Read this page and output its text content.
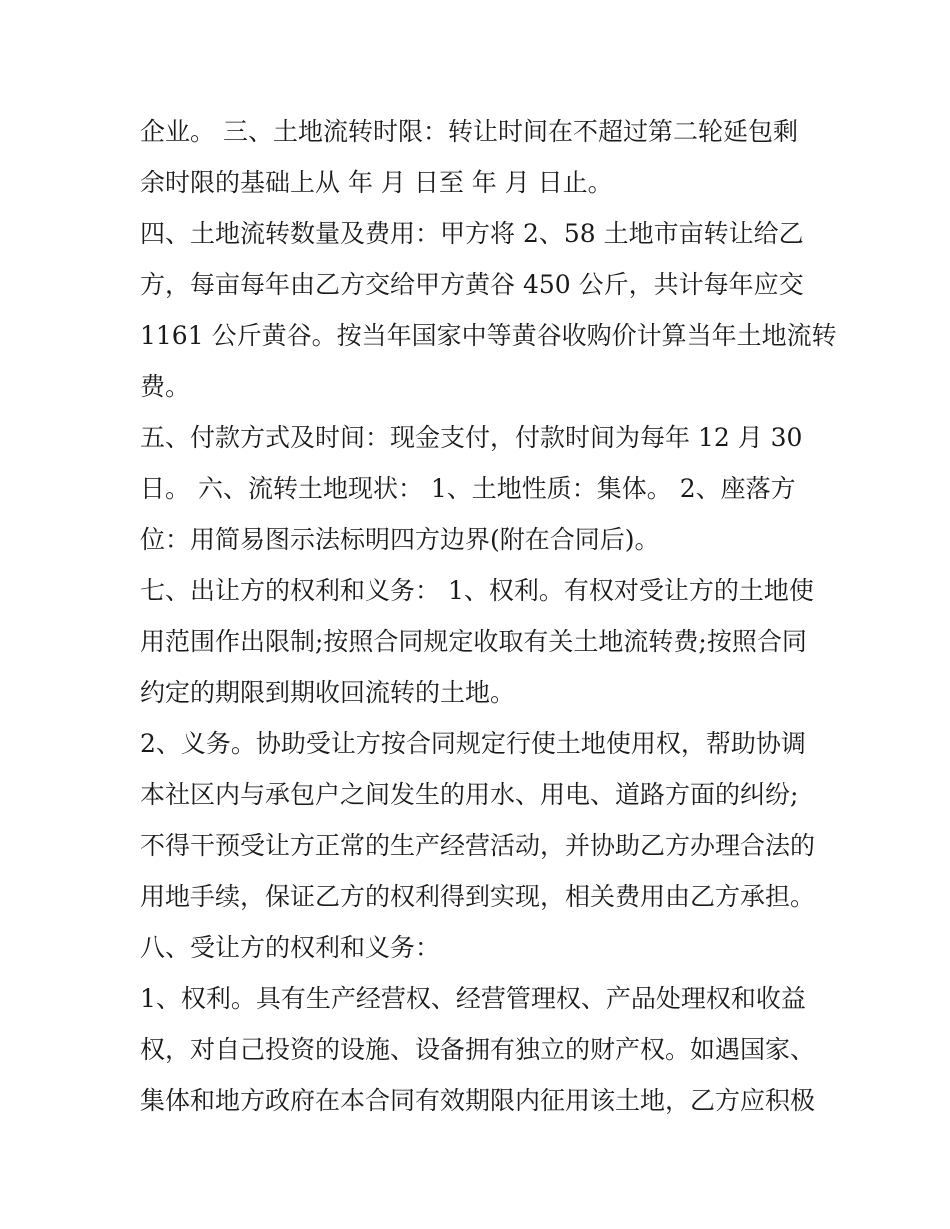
企业。 三、土地流转时限：转让时间在不超过第二轮延包剩
余时限的基础上从 年 月 日至 年 月 日止。
四、土地流转数量及费用：甲方将 2、58 土地市亩转让给乙
方，每亩每年由乙方交给甲方黄谷 450 公斤，共计每年应交
1161 公斤黄谷。按当年国家中等黄谷收购价计算当年土地流转
费。
五、付款方式及时间：现金支付，付款时间为每年 12 月 30
日。 六、流转土地现状： 1、土地性质：集体。 2、座落方
位：用简易图示法标明四方边界(附在合同后)。
七、出让方的权利和义务： 1、权利。有权对受让方的土地使
用范围作出限制;按照合同规定收取有关土地流转费;按照合同
约定的期限到期收回流转的土地。
2、义务。协助受让方按合同规定行使土地使用权，帮助协调
本社区内与承包户之间发生的用水、用电、道路方面的纠纷;
不得干预受让方正常的生产经营活动，并协助乙方办理合法的
用地手续，保证乙方的权利得到实现，相关费用由乙方承担。
八、受让方的权利和义务：
1、权利。具有生产经营权、经营管理权、产品处理权和收益
权，对自己投资的设施、设备拥有独立的财产权。如遇国家、
集体和地方政府在本合同有效期限内征用该土地，乙方应积极
